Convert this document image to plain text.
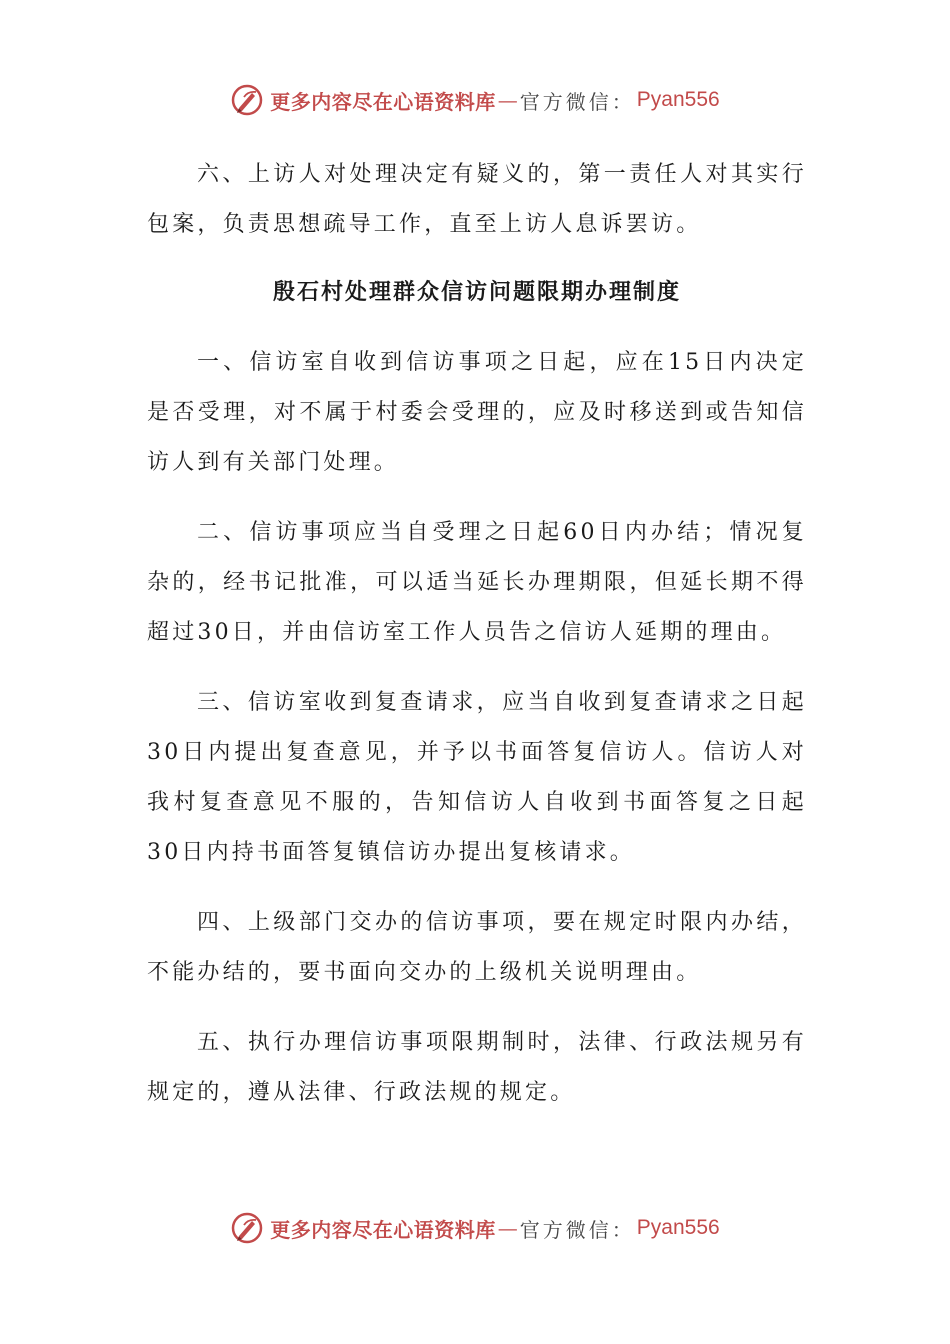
更多内容尽在心语资料库 — 官方微信： Pyan556

六、上访人对处理决定有疑义的，第一责任人对其实行包案，负责思想疏导工作，直至上访人息诉罢访。

殷石村处理群众信访问题限期办理制度

一、信访室自收到信访事项之日起，应在15日内决定是否受理，对不属于村委会受理的，应及时移送到或告知信访人到有关部门处理。

二、信访事项应当自受理之日起60日内办结；情况复杂的，经书记批准，可以适当延长办理期限，但延长期不得超过30日，并由信访室工作人员告之信访人延期的理由。

三、信访室收到复查请求，应当自收到复查请求之日起30日内提出复查意见，并予以书面答复信访人。信访人对我村复查意见不服的，告知信访人自收到书面答复之日起30日内持书面答复镇信访办提出复核请求。

四、上级部门交办的信访事项，要在规定时限内办结，不能办结的，要书面向交办的上级机关说明理由。

五、执行办理信访事项限期制时，法律、行政法规另有规定的，遵从法律、行政法规的规定。

更多内容尽在心语资料库 — 官方微信： Pyan556
